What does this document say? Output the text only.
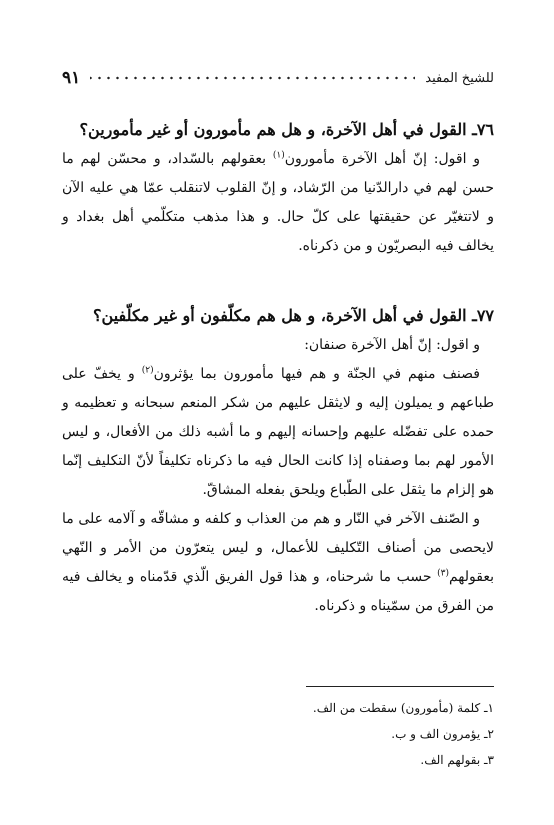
للشيخ المفيد
٩١
٧٦ـ القول في أهل الآخرة، و هل هم مأمورون أو غير مأمورين؟

و اقول: إنّ أهل الآخرة مأمورون$^{(١)}$ بعقولهم بالسّداد، و محسّن لهم ما حسن لهم في دارالدّنيا من الرّشاد، و إنّ القلوب لاتنقلب عمّا هي عليه الآن و لاتتغيّر عن حقيقتها على كلّ حال. و هذا مذهب متكلّمي أهل بغداد و يخالف فيه البصريّون و من ذكرناه.

٧٧ـ القول في أهل الآخرة، و هل هم مكلّفون أو غير مكلّفين؟

و اقول: إنّ أهل الآخرة صنفان:

فصنف منهم في الجنّة و هم فيها مأمورون بما يؤثرون$^{(٢)}$ و يخفّ على طباعهم و يميلون إليه و لايثقل عليهم من شكر المنعم سبحانه و تعظيمه و حمده على تفضّله عليهم وإحسانه إليهم و ما أشبه ذلك من الأفعال، و ليس الأمور لهم بما وصفناه إذا كانت الحال فيه ما ذكرناه تكليفاً لأنّ التكليف إنّما هو إلزام ما يثقل على الطّباع ويلحق بفعله المشاقّ.

و الصّنف الآخر في النّار و هم من العذاب و كلفه و مشاقّه و آلامه على ما لايحصى من أصناف التّكليف للأعمال، و ليس يتعرّون من الأمر و النّهي بعقولهم$^{(٣)}$ حسب ما شرحناه، و هذا قول الفريق الّذي قدّمناه و يخالف فيه من الفرق من سمّيناه و ذكرناه.

١ـ كلمة (مأمورون) سقطت من الف.

٢ـ يؤمرون الف و ب.

٣ـ بقولهم الف.
